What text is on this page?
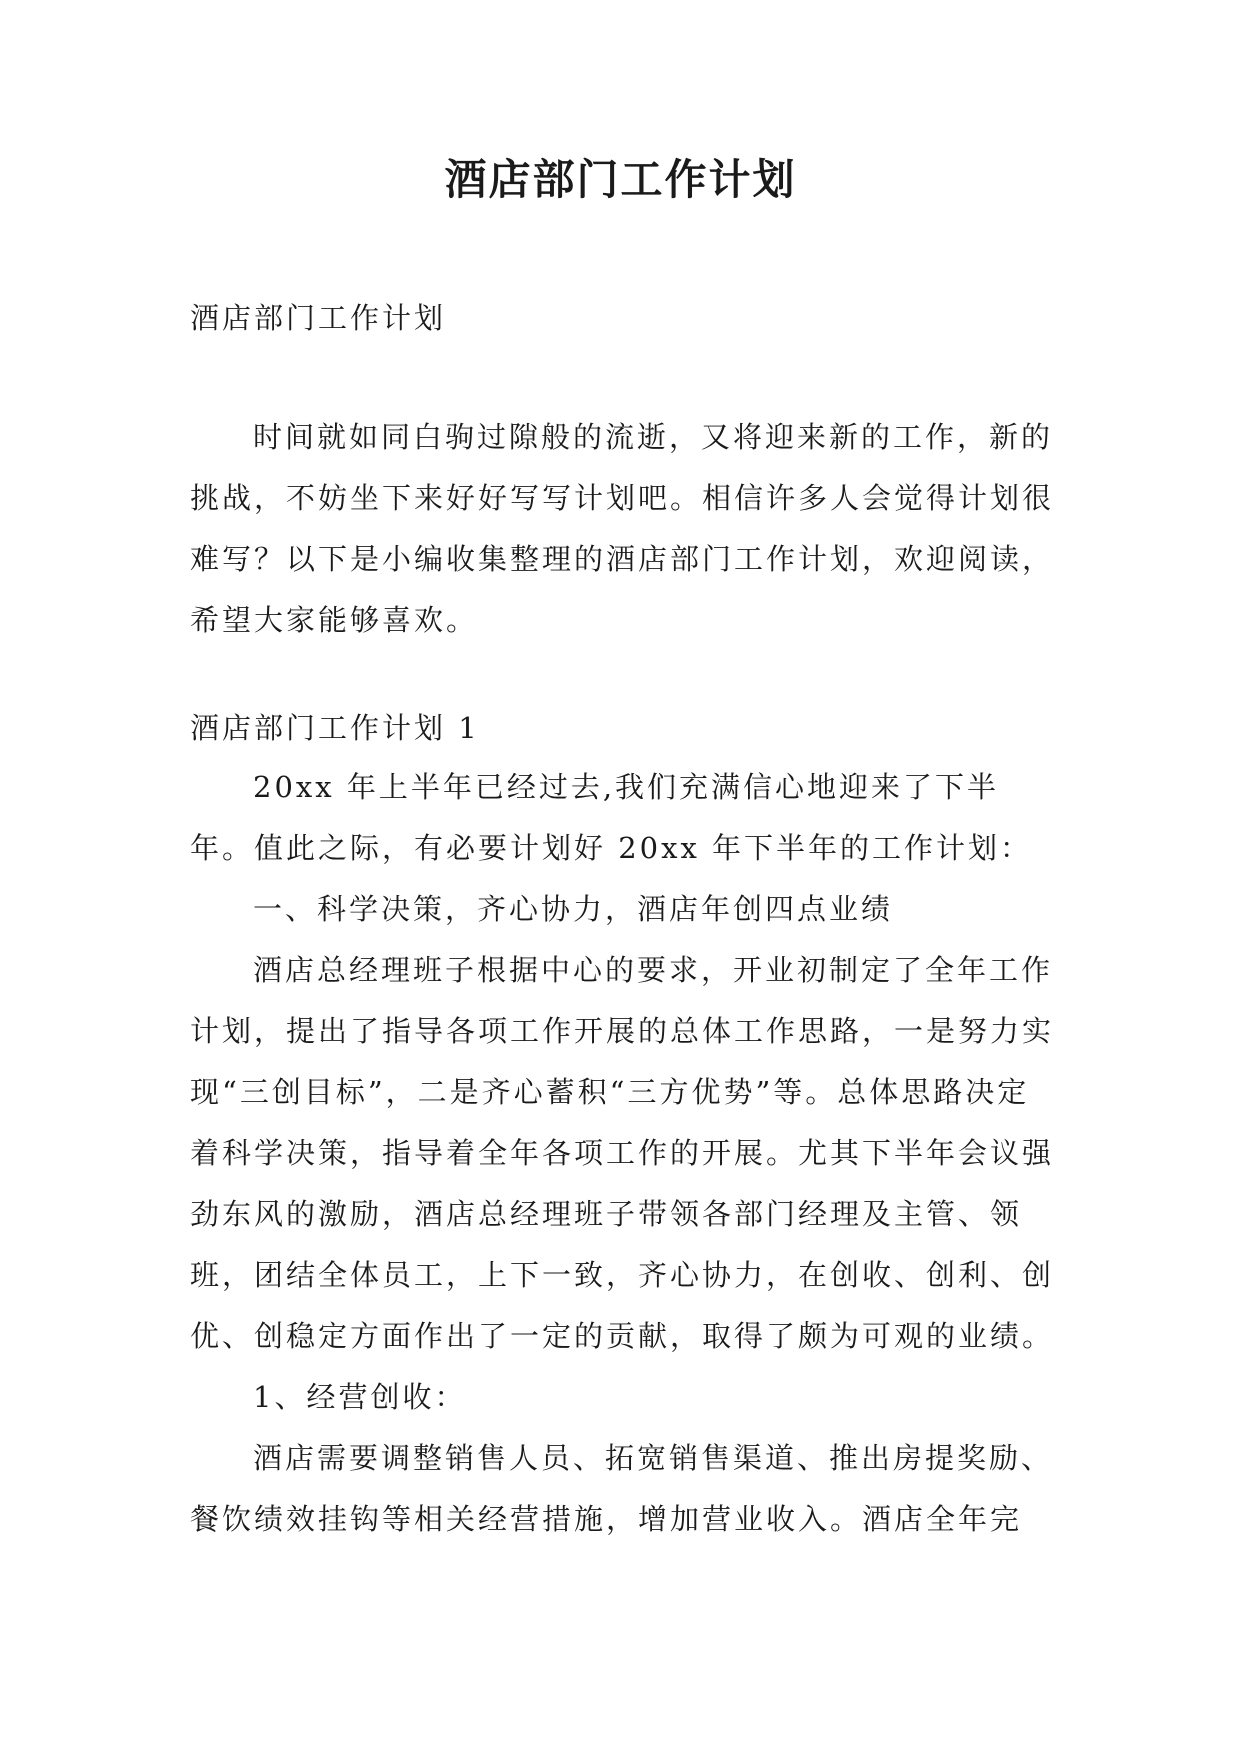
酒店部门工作计划
酒店部门工作计划
时间就如同白驹过隙般的流逝，又将迎来新的工作，新的挑战，不妨坐下来好好写写计划吧。相信许多人会觉得计划很难写？以下是小编收集整理的酒店部门工作计划，欢迎阅读，希望大家能够喜欢。
酒店部门工作计划 1

20xx 年上半年已经过去,我们充满信心地迎来了下半年。值此之际，有必要计划好 20xx 年下半年的工作计划：

一、科学决策，齐心协力，酒店年创四点业绩

酒店总经理班子根据中心的要求，开业初制定了全年工作计划，提出了指导各项工作开展的总体工作思路，一是努力实现“三创目标”，二是齐心蓄积“三方优势”等。总体思路决定着科学决策，指导着全年各项工作的开展。尤其下半年会议强劲东风的激励，酒店总经理班子带领各部门经理及主管、领班，团结全体员工，上下一致，齐心协力，在创收、创利、创优、创稳定方面作出了一定的贡献，取得了颇为可观的业绩。

1、经营创收：

酒店需要调整销售人员、拓宽销售渠道、推出房提奖励、餐饮绩效挂钩等相关经营措施，增加营业收入。酒店全年完
